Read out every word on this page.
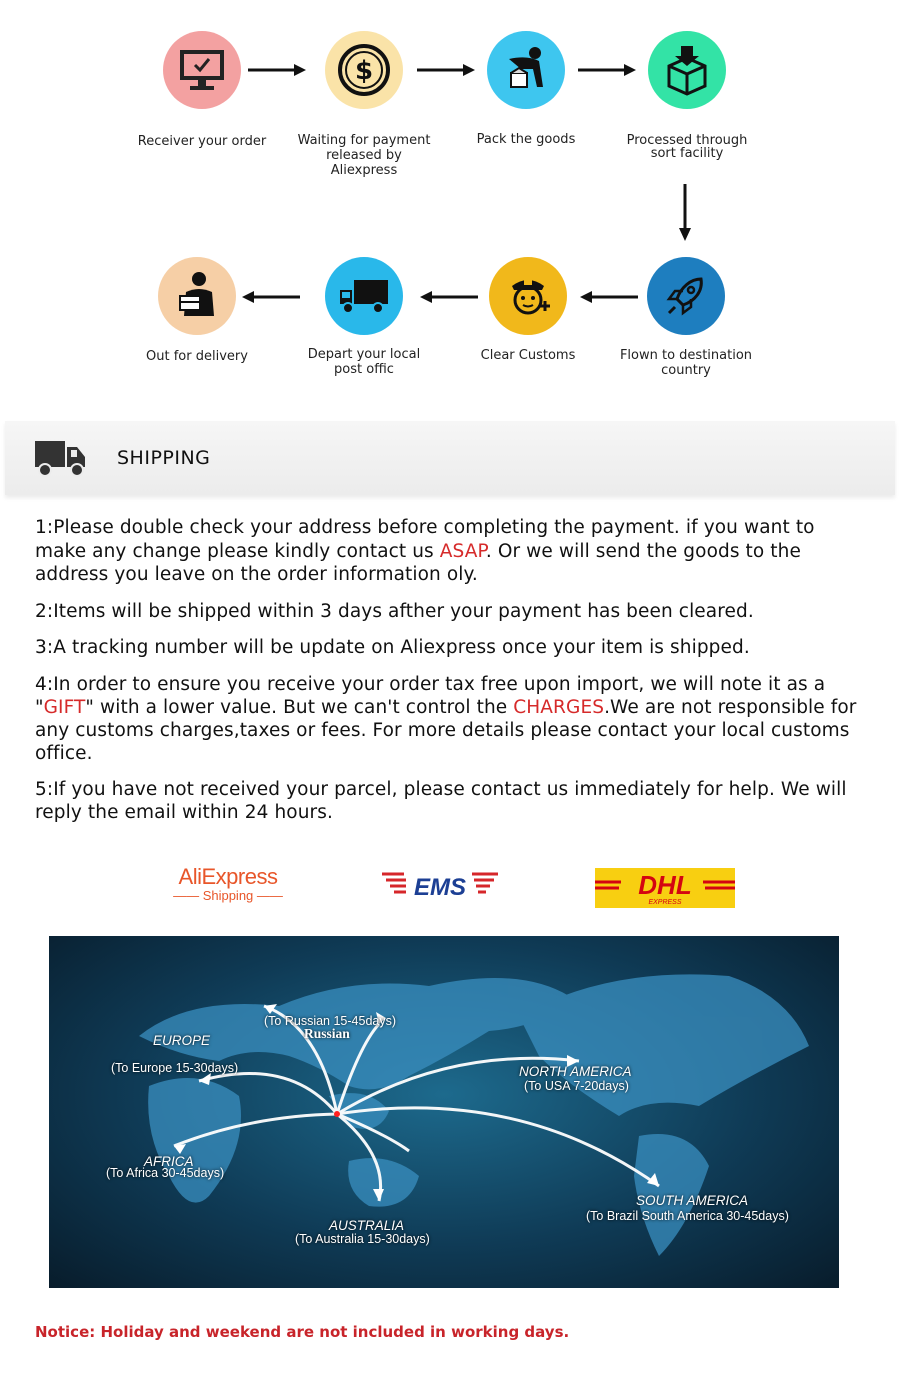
Receiver your order
$
Waiting for payment released by Aliexpress
Pack the goods	Processed through sort facility
Flown to destination country
Clear Customs
Depart your local post offic
Out for delivery
SHIPPING

1:Please double check your address before completing the payment. if you want to make any change please kindly contact us ASAP. Or we will send the goods to the address you leave on the order information oly.

2:Items will be shipped within 3 days afther your payment has been cleared.

3:A tracking number will be update on Aliexpress once your item is shipped.

4:In order to ensure you receive your order tax free upon import, we will note it as a "GIFT" with a lower value. But we can't control the CHARGES.We are not responsible for any customs charges,taxes or fees. For more details please contact your local customs office.

5:If you have not received your parcel, please contact us immediately for help. We will reply the email within 24 hours.

AliExpress
—— Shipping ——	EMS	DHL
EXPRESS
(To Russian 15-45days)
Russian
EUROPE
(To Europe 15-30days)	NORTH AMERICA
(To USA 7-20days)
AFRICA
(To Africa 30-45days)
SOUTH AMERICA
(To Brazil South America 30-45days)
AUSTRALIA
(To Australia 15-30days)
Notice: Holiday and weekend are not included in working days.
